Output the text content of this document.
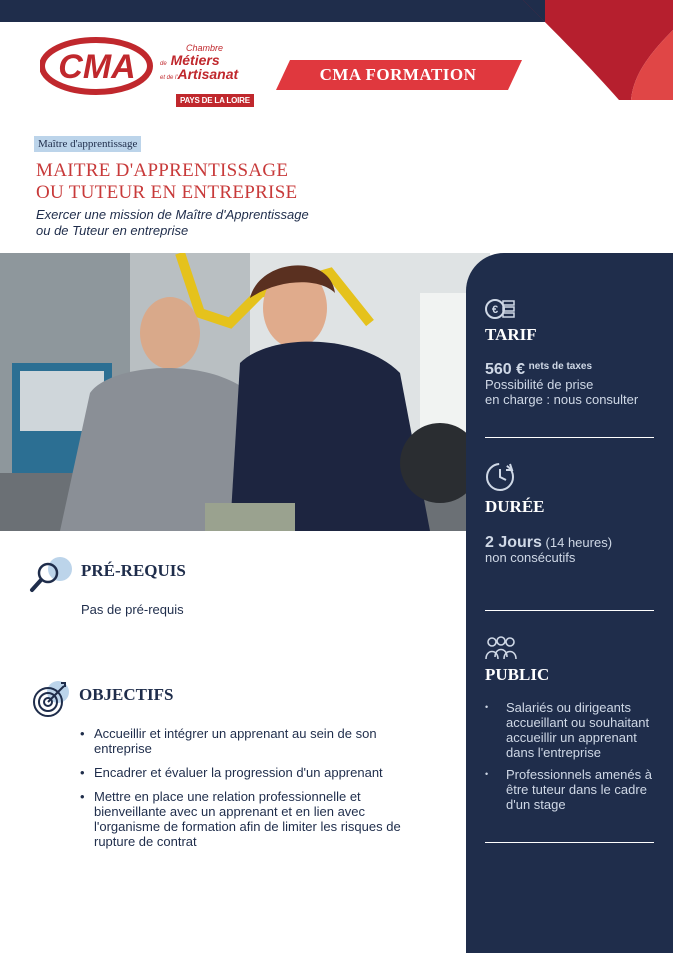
CMA	Chambre
de Métiers
et de l'Artisanat
PAYS DE LA LOIRE
CMA FORMATION
Maître d'apprentissage
MAITRE D'APPRENTISSAGE
OU TUTEUR EN ENTREPRISE
Exercer une mission de Maître d'Apprentissage
ou de Tuteur en entreprise
€
TARIF
560 € $^{nets de taxes}$
Possibilité de prise
en charge : nous consulter
DURÉE
2 Jours (14 heures)
non consécutifs
PUBLIC
• Salariés ou dirigeants accueillant ou souhaitant accueillir un apprenant dans l'entreprise
• Professionnels amenés à être tuteur dans le cadre d'un stage
PRÉ-REQUIS
Pas de pré-requis
OBJECTIFS
• Accueillir et intégrer un apprenant au sein de son entreprise
• Encadrer et évaluer la progression d'un apprenant
• Mettre en place une relation professionnelle et bienveillante avec un apprenant et en lien avec l'organisme de formation afin de limiter les risques de rupture de contrat
